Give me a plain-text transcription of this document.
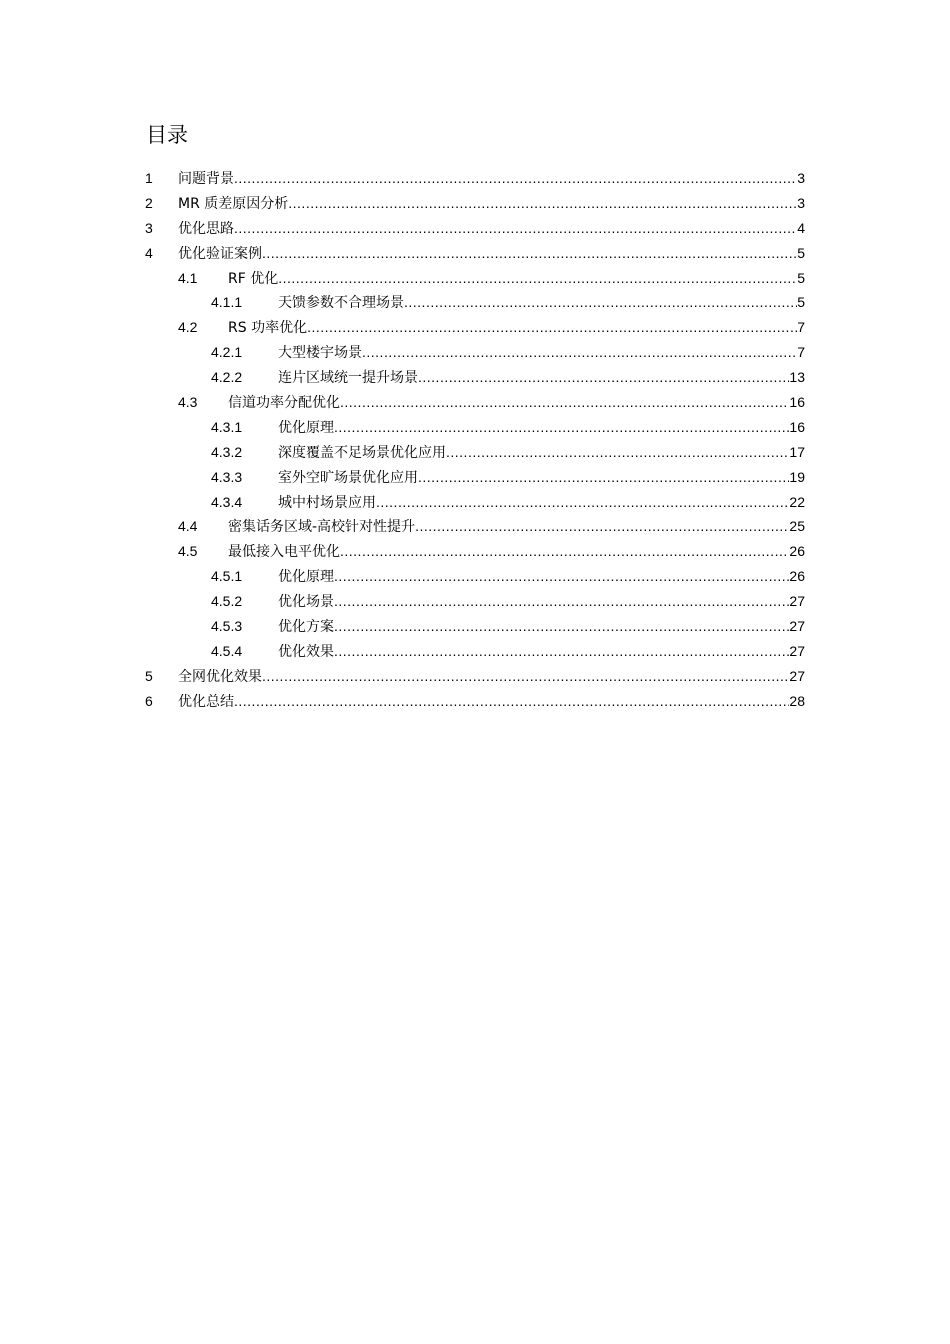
目录
1 问题背景 .....	3
2 MR 质差原因分析 .....	3
3 优化思路 .....	4
4 优化验证案例 .....	5
4.1 RF 优化 .....	5
4.1.1	天馈参数不合理场景 .....	5
4.2 RS 功率优化 .....	7
4.2.1	大型楼宇场景 .....	7
4.2.2	连片区域统一提升场景 .....	13
4.3 信道功率分配优化 .....	16
4.3.1	优化原理 .....	16
4.3.2	深度覆盖不足场景优化应用 .....	17
4.3.3	室外空旷场景优化应用 .....	19
4.3.4	城中村场景应用 .....	22
4.4 密集话务区域-高校针对性提升 .....	25
4.5 最低接入电平优化 .....	26
4.5.1	优化原理 .....	26
4.5.2	优化场景 .....	27
4.5.3	优化方案 .....	27
4.5.4	优化效果 .....	27
5 全网优化效果 .....	27
6 优化总结 .....	28
